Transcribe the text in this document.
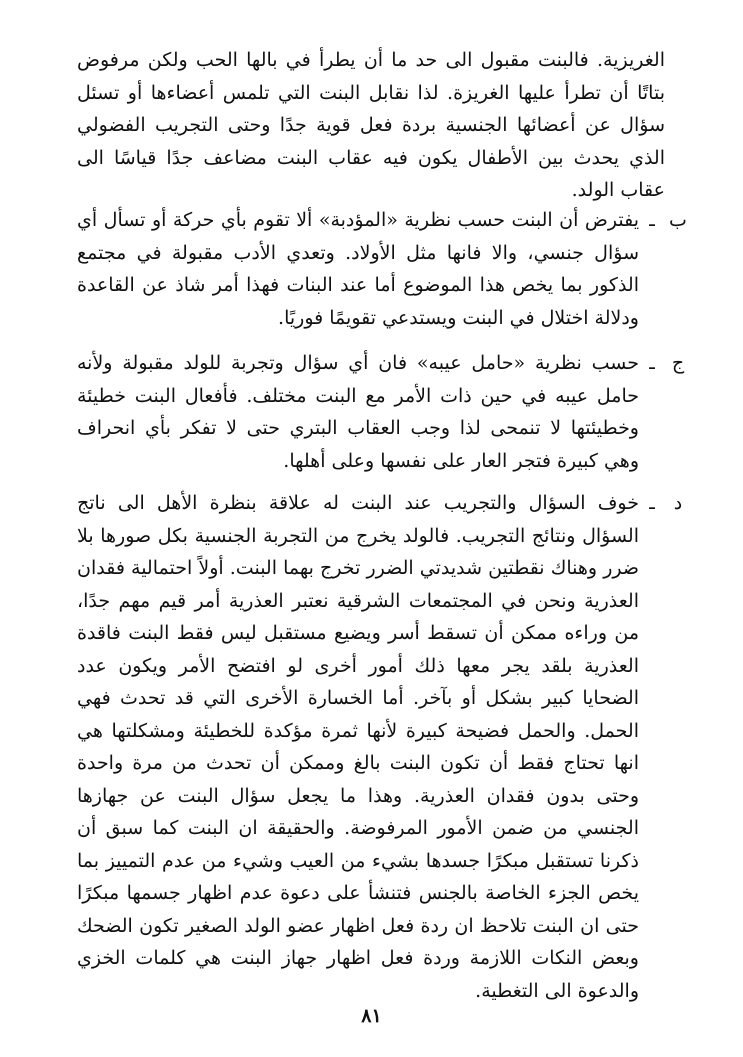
الغريزية. فالبنت مقبول الى حد ما أن يطرأ في بالها الحب ولكن مرفوض بتاتًا أن تطرأ عليها الغريزة. لذا نقابل البنت التي تلمس أعضاءها أو تسئل سؤال عن أعضائها الجنسية بردة فعل قوية جدًا وحتى التجريب الفضولي الذي يحدث بين الأطفال يكون فيه عقاب البنت مضاعف جدًا قياسًا الى عقاب الولد.

ب
ـ

يفترض أن البنت حسب نظرية «المؤدبة» ألا تقوم بأي حركة أو تسأل أي سؤال جنسي، والا فانها مثل الأولاد. وتعدي الأدب مقبولة في مجتمع الذكور بما يخص هذا الموضوع أما عند البنات فهذا أمر شاذ عن القاعدة ودلالة اختلال في البنت ويستدعي تقويمًا فوريًا.

ج
ـ

حسب نظرية «حامل عيبه» فان أي سؤال وتجربة للولد مقبولة ولأنه حامل عيبه في حين ذات الأمر مع البنت مختلف. فأفعال البنت خطيئة وخطيئتها لا تنمحى لذا وجب العقاب البتري حتى لا تفكر بأي انحراف وهي كبيرة فتجر العار على نفسها وعلى أهلها.

د
ـ

خوف السؤال والتجريب عند البنت له علاقة بنظرة الأهل الى ناتج السؤال ونتائج التجريب. فالولد يخرج من التجربة الجنسية بكل صورها بلا ضرر وهناك نقطتين شديدتي الضرر تخرج بهما البنت. أولاً احتمالية فقدان العذرية ونحن في المجتمعات الشرقية نعتبر العذرية أمر قيم مهم جدًا، من وراءه ممكن أن تسقط أسر ويضيع مستقبل ليس فقط البنت فاقدة العذرية بلقد يجر معها ذلك أمور أخرى لو افتضح الأمر ويكون عدد الضحايا كبير بشكل أو بآخر. أما الخسارة الأخرى التي قد تحدث فهي الحمل. والحمل فضيحة كبيرة لأنها ثمرة مؤكدة للخطيئة ومشكلتها هي انها تحتاج فقط أن تكون البنت بالغ وممكن أن تحدث من مرة واحدة وحتى بدون فقدان العذرية. وهذا ما يجعل سؤال البنت عن جهازها الجنسي من ضمن الأمور المرفوضة. والحقيقة ان البنت كما سبق أن ذكرنا تستقبل مبكرًا جسدها بشيء من العيب وشيء من عدم التمييز بما يخص الجزء الخاصة بالجنس فتنشأ على دعوة عدم اظهار جسمها مبكرًا حتى ان البنت تلاحظ ان ردة فعل اظهار عضو الولد الصغير تكون الضحك وبعض النكات اللازمة وردة فعل اظهار جهاز البنت هي كلمات الخزي والدعوة الى التغطية.

٨١
